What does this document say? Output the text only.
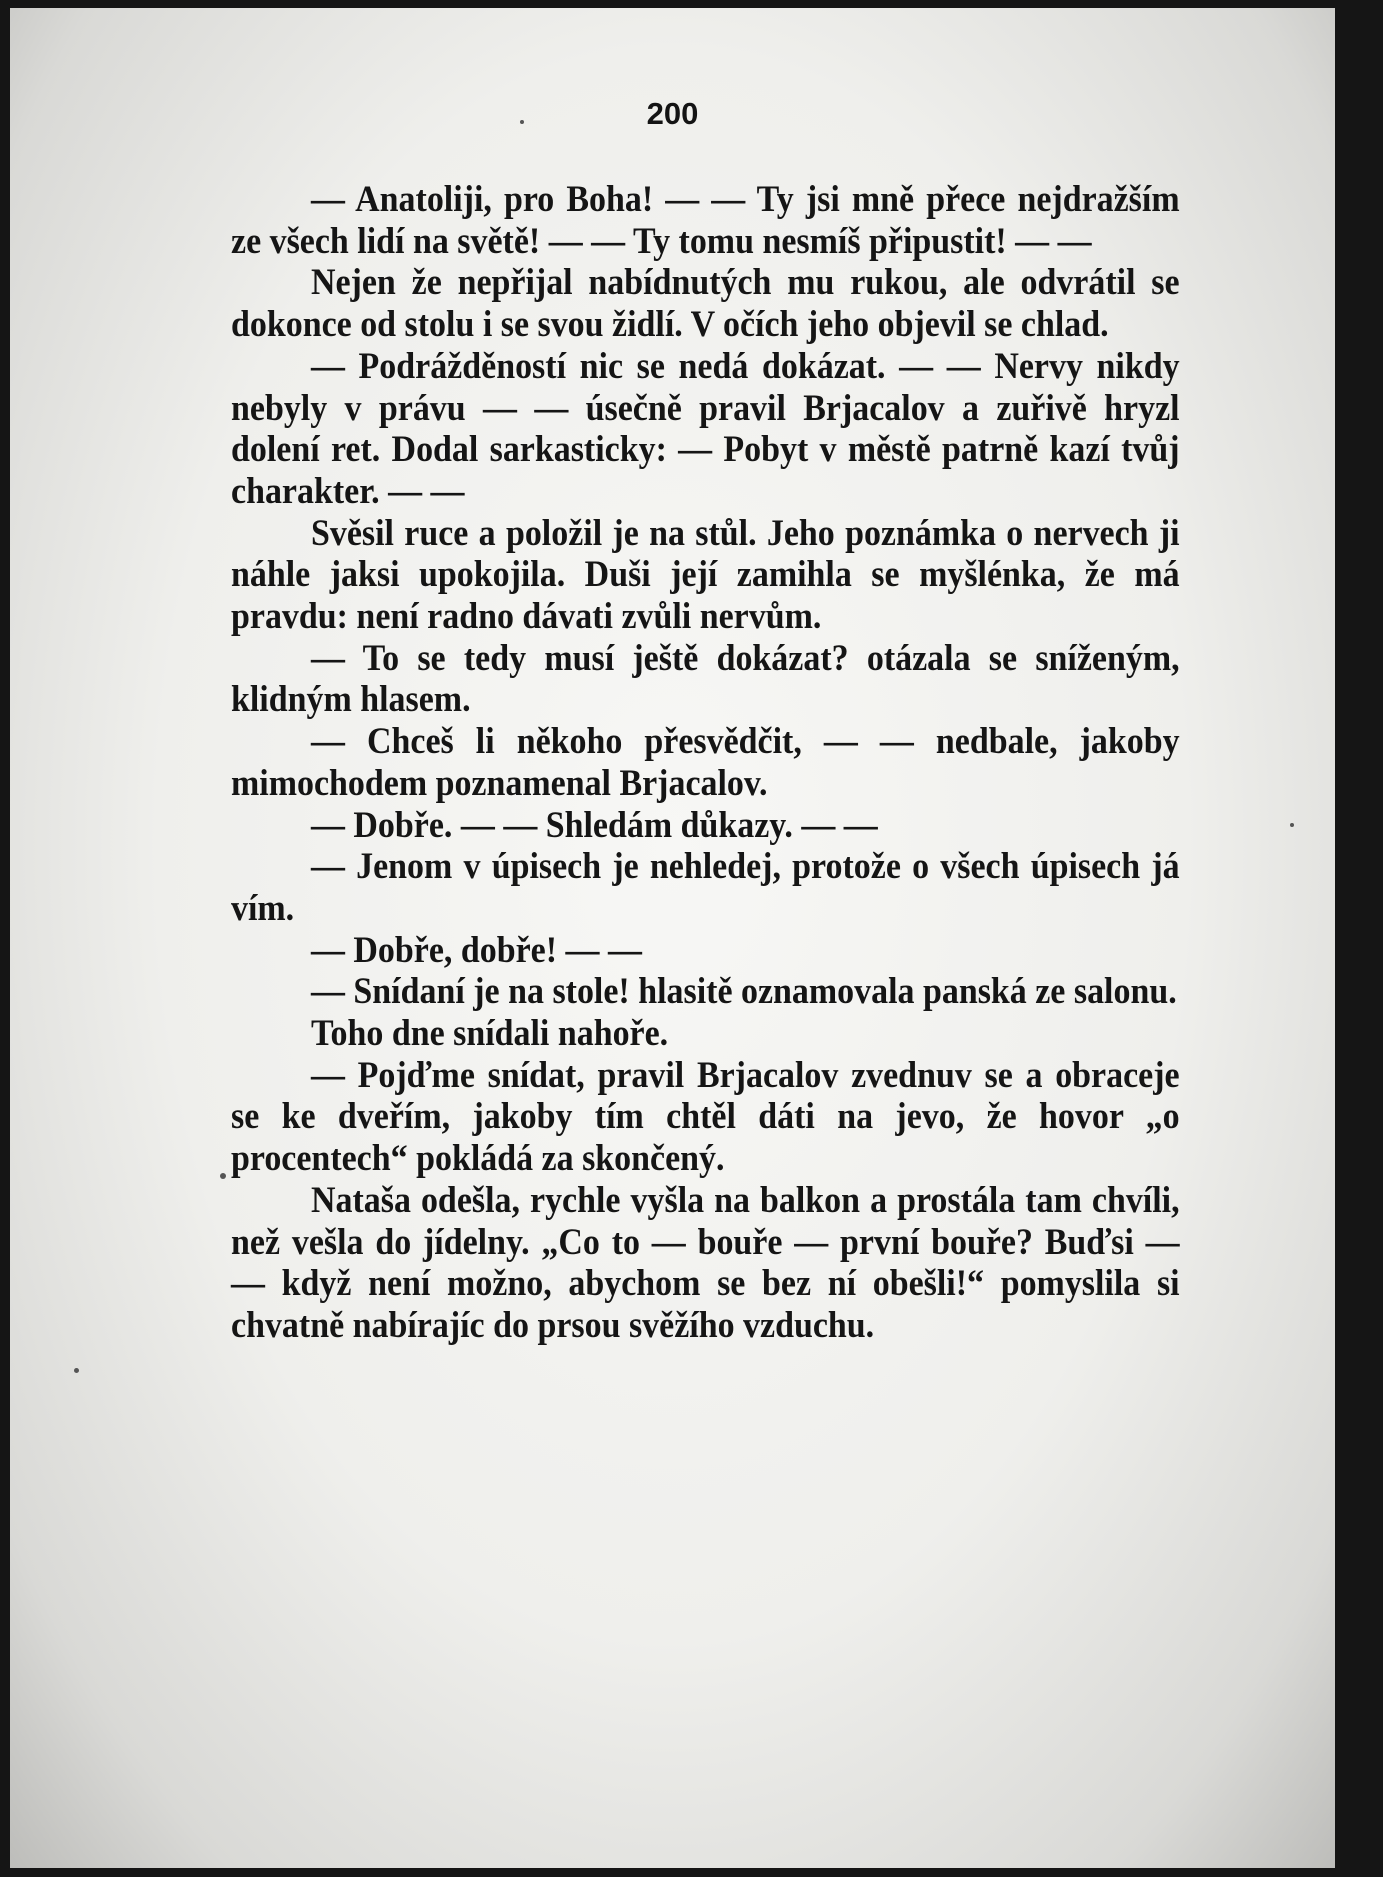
200

— Anatoliji, pro Boha! — — Ty jsi mně přece nejdražším ze všech lidí na světě! — — Ty tomu nesmíš připustit! — —

Nejen že nepřijal nabídnutých mu rukou, ale odvrátil se dokonce od stolu i se svou židlí. V očích jeho objevil se chlad.

— Podrážděností nic se nedá dokázat. — — Nervy nikdy nebyly v právu — — úsečně pravil Brjacalov a zuřivě hryzl dolení ret. Dodal sarkasticky: — Pobyt v městě patrně kazí tvůj charakter. — —

Svěsil ruce a položil je na stůl. Jeho poznámka o nervech ji náhle jaksi upokojila. Duši její zamihla se myšlénka, že má pravdu: není radno dávati zvůli nervům.

— To se tedy musí ještě dokázat? otázala se sníženým, klidným hlasem.

— Chceš li někoho přesvědčit, — — nedbale, jakoby mimochodem poznamenal Brjacalov.

— Dobře. — — Shledám důkazy. — —

— Jenom v úpisech je nehledej, protože o všech úpisech já vím.

— Dobře, dobře! — —

— Snídaní je na stole! hlasitě oznamovala panská ze salonu.

Toho dne snídali nahoře.

— Pojďme snídat, pravil Brjacalov zvednuv se a obraceje se ke dveřím, jakoby tím chtěl dáti na jevo, že hovor „o procentech“ pokládá za skončený.

Nataša odešla, rychle vyšla na balkon a prostála tam chvíli, než vešla do jídelny. „Co to — bouře — první bouře? Buďsi — — když není možno, abychom se bez ní obešli!“ pomyslila si chvatně nabírajíc do prsou svěžího vzduchu.
